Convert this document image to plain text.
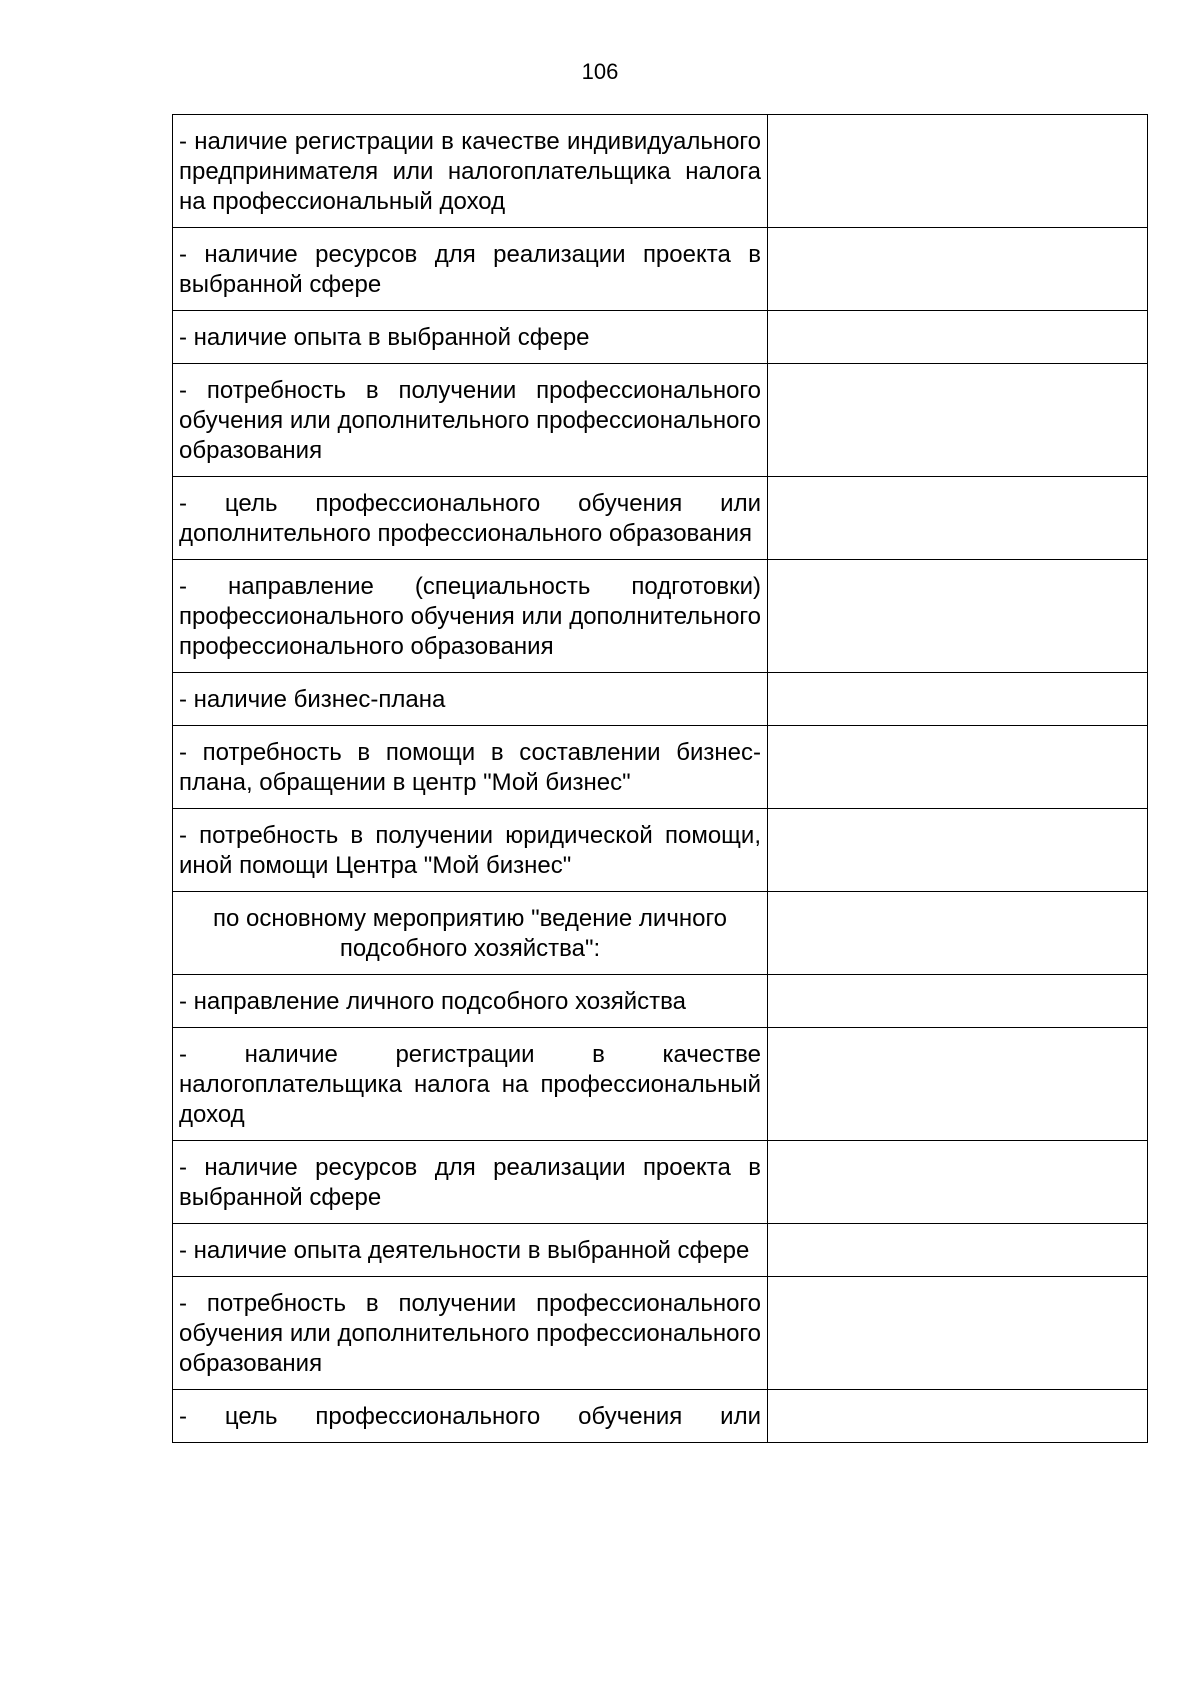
106
- наличие регистрации в качестве индивидуального предпринимателя или налогоплательщика налога на профессиональный доход	
- наличие ресурсов для реализации проекта в выбранной сфере	
- наличие опыта в выбранной сфере	
- потребность в получении профессионального обучения или дополнительного профессионального образования	
- цель профессионального обучения или дополнительного профессионального образования	
- направление (специальность подготовки) профессионального обучения или дополнительного профессионального образования	
- наличие бизнес-плана	
- потребность в помощи в составлении бизнес-плана, обращении в центр "Мой бизнес"	
- потребность в получении юридической помощи, иной помощи Центра "Мой бизнес"	
по основному мероприятию "ведение личного подсобного хозяйства":	
- направление личного подсобного хозяйства	
- наличие регистрации в качестве налогоплательщика налога на профессиональный доход	
- наличие ресурсов для реализации проекта в выбранной сфере	
- наличие опыта деятельности в выбранной сфере	
- потребность в получении профессионального обучения или дополнительного профессионального образования	
- цель профессионального обучения или	
